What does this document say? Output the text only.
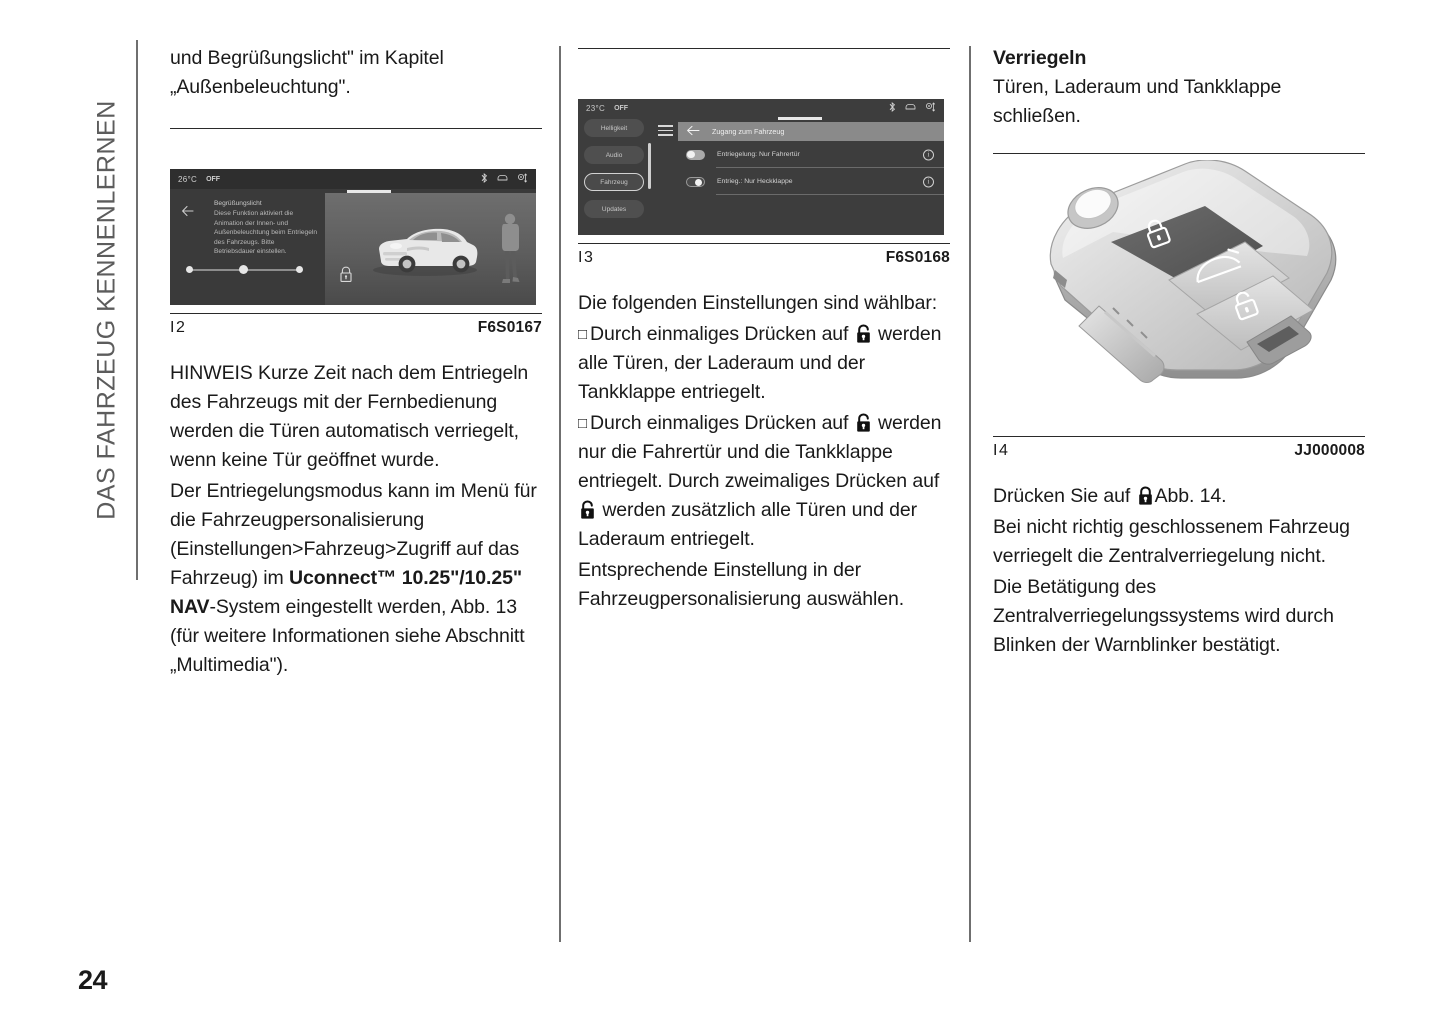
DAS FAHRZEUG KENNENLERNEN

und Begrüßungslicht" im Kapitel „Außenbeleuchtung".

26°C OFF
Begrüßungslicht
Diese Funktion aktiviert die Animation der Innen- und Außenbeleuchtung beim Entriegeln des Fahrzeugs. Bitte Betriebsdauer einstellen.
I2	F6S0167

HINWEIS Kurze Zeit nach dem Entriegeln des Fahrzeugs mit der Fernbedienung werden die Türen automatisch verriegelt, wenn keine Tür geöffnet wurde.

Der Entriegelungsmodus kann im Menü für die Fahrzeugpersonalisierung (Einstellungen>Fahrzeug>Zugriff auf das Fahrzeug) im Uconnect™ 10.25"/10.25" NAV-System eingestellt werden, Abb. 13 (für weitere Informationen siehe Abschnitt „Multimedia").

23°C OFF
Helligkeit
Audio
Fahrzeug
Updates
Zugang zum Fahrzeug
Entriegelung: Nur Fahrertür	i
Entrieg.: Nur Heckklappe	i
I3	F6S0168

Die folgenden Einstellungen sind wählbar:

□ Durch einmaliges Drücken auf werden alle Türen, der Laderaum und der Tankklappe entriegelt.

□ Durch einmaliges Drücken auf werden nur die Fahrertür und die Tankklappe entriegelt. Durch zweimaliges Drücken auf  werden zusätzlich alle Türen und der Laderaum entriegelt.

Entsprechende Einstellung in der Fahrzeugpersonalisierung auswählen.

Verriegeln

Türen, Laderaum und Tankklappe schließen.

I4	JJ000008

Drücken Sie auf Abb. 14.

Bei nicht richtig geschlossenem Fahrzeug verriegelt die Zentralverriegelung nicht.

Die Betätigung des Zentralverriegelungssystems wird durch Blinken der Warnblinker bestätigt.

24
